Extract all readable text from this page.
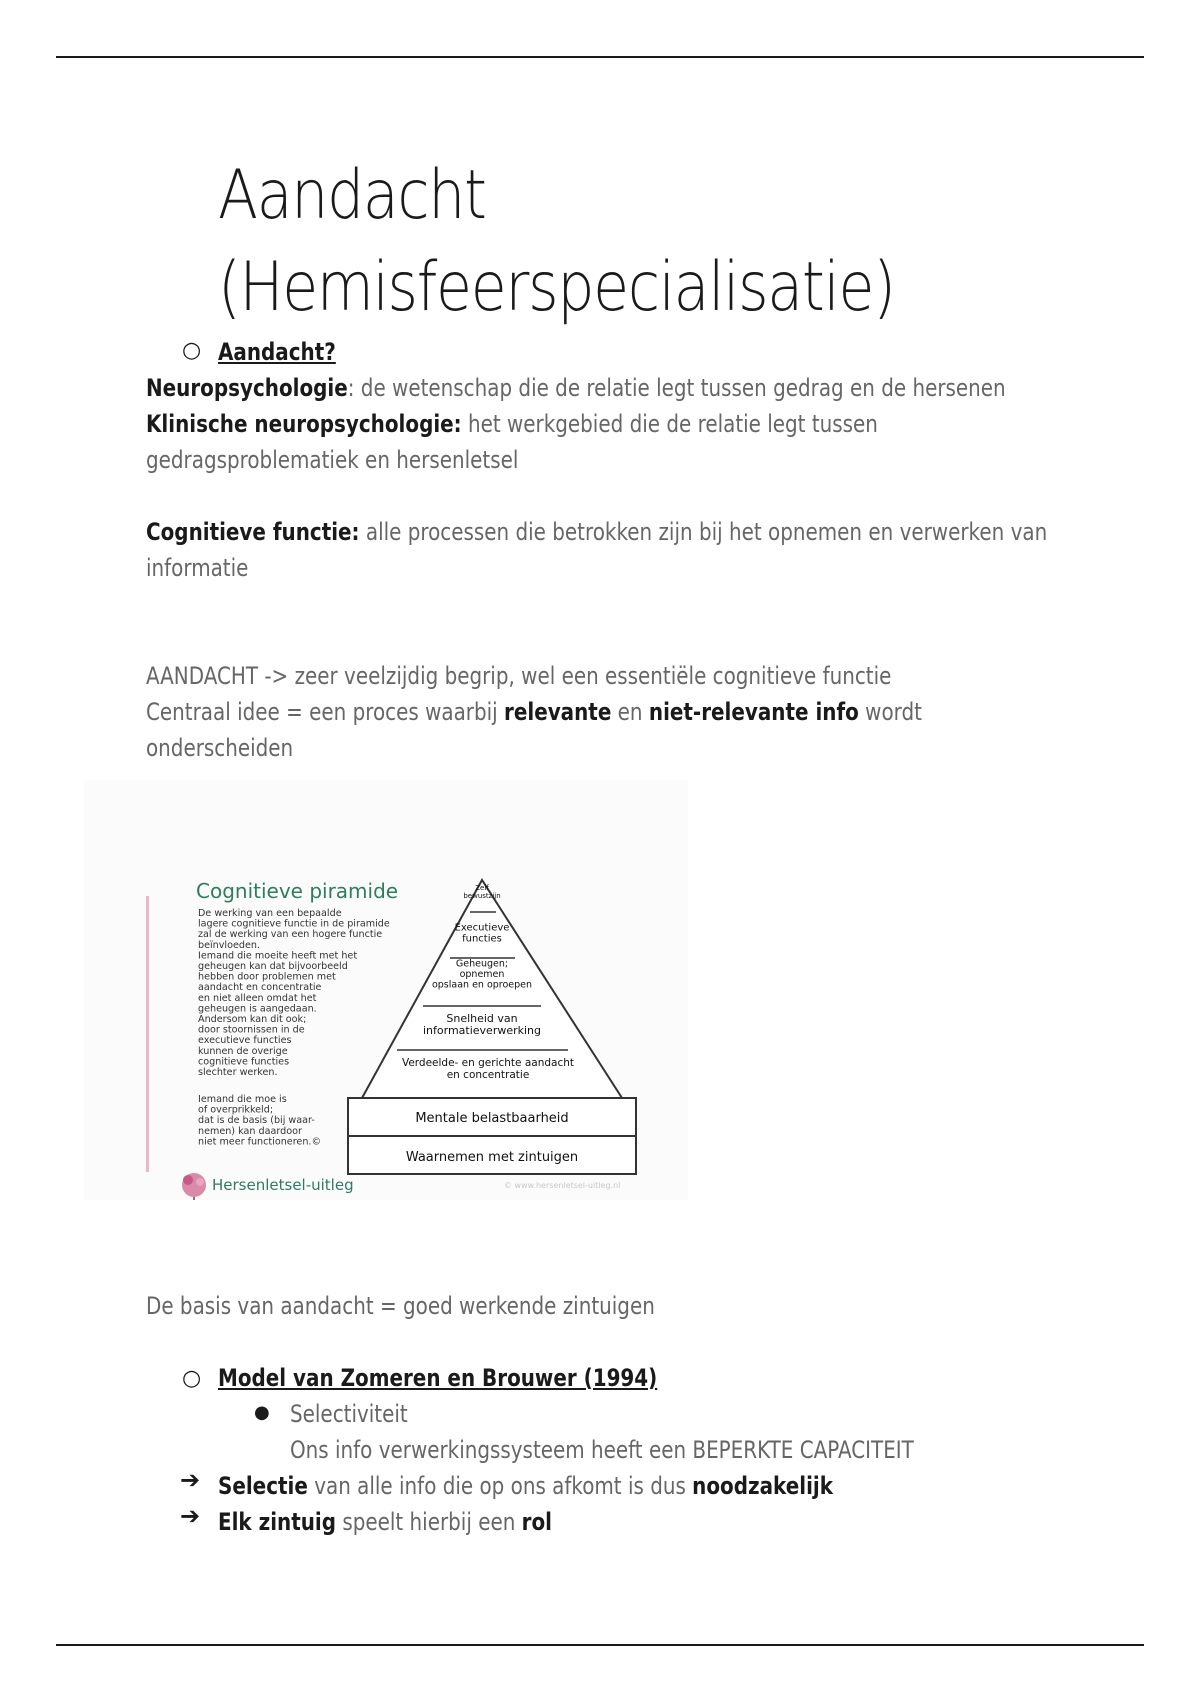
Aandacht
(Hemisfeerspecialisatie)
○ Aandacht?
Neuropsychologie: de wetenschap die de relatie legt tussen gedrag en de hersenen
Klinische neuropsychologie: het werkgebied die de relatie legt tussen
gedragsproblematiek en hersenletsel
Cognitieve functie: alle processen die betrokken zijn bij het opnemen en verwerken van
informatie
AANDACHT -> zeer veelzijdig begrip, wel een essentiële cognitieve functie
Centraal idee = een proces waarbij relevante en niet-relevante info wordt
onderscheiden
Cognitieve piramide
De werking van een bepaalde
lagere cognitieve functie in de piramide
zal de werking van een hogere functie
beïnvloeden.
Iemand die moeite heeft met het
geheugen kan dat bijvoorbeeld
hebben door problemen met
aandacht en concentratie
en niet alleen omdat het
geheugen is aangedaan.
Andersom kan dit ook;
door stoornissen in de
executieve functies
kunnen de overige
cognitieve functies
slechter werken.
Iemand die moe is
of overprikkeld;
dat is de basis (bij waar-
nemen) kan daardoor
niet meer functioneren.©
Zelf
bewustzijn
Executieve
functies
Geheugen;
opnemen
opslaan en oproepen
Snelheid van
informatieverwerking
Verdeelde- en gerichte aandacht
en concentratie
Mentale belastbaarheid
Waarnemen met zintuigen
Hersenletsel-uitleg	© www.hersenletsel-uitleg.nl
De basis van aandacht = goed werkende zintuigen
○ Model van Zomeren en Brouwer (1994)
● Selectiviteit
Ons info verwerkingssysteem heeft een BEPERKTE CAPACITEIT
➔ Selectie van alle info die op ons afkomt is dus noodzakelijk
➔ Elk zintuig speelt hierbij een rol
